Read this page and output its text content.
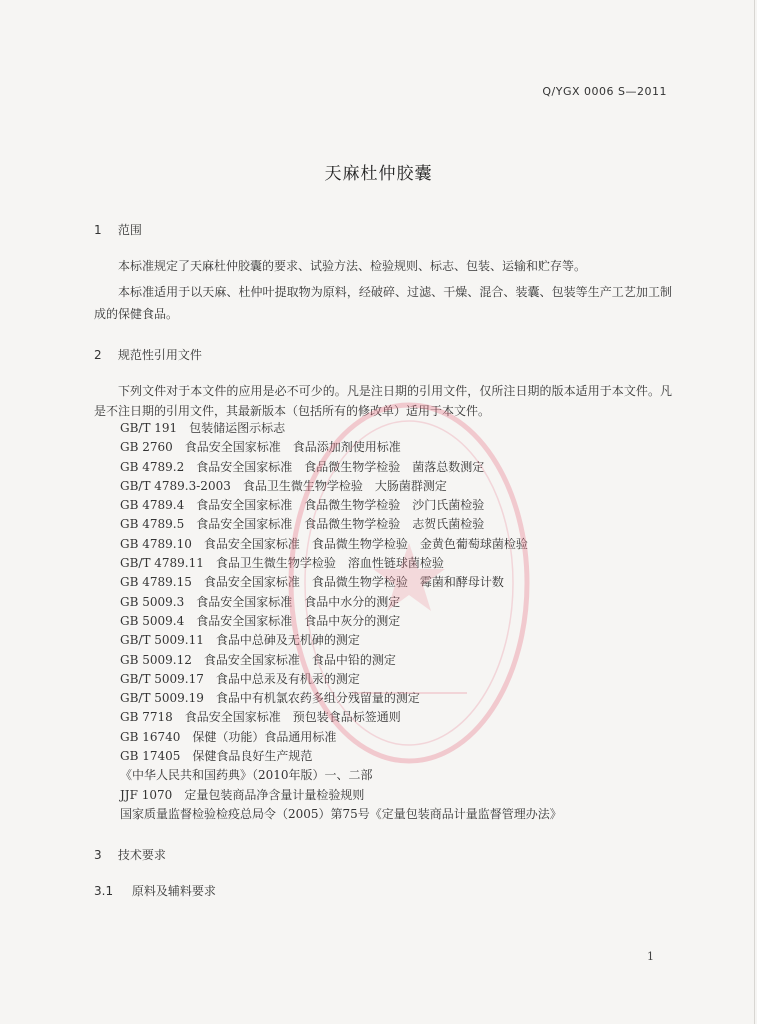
Q/YGX 0006 S—2011
天麻杜仲胶囊
1 范围
本标准规定了天麻杜仲胶囊的要求、试验方法、检验规则、标志、包装、运输和贮存等。
本标准适用于以天麻、杜仲叶提取物为原料，经破碎、过滤、干燥、混合、装囊、包装等生产工艺加工制成的保健食品。
2 规范性引用文件
下列文件对于本文件的应用是必不可少的。凡是注日期的引用文件，仅所注日期的版本适用于本文件。凡是不注日期的引用文件，其最新版本（包括所有的修改单）适用于本文件。
GB/T 191 包装储运图示标志
GB 2760 食品安全国家标准　食品添加剂使用标准
GB 4789.2 食品安全国家标准　食品微生物学检验　菌落总数测定
GB/T 4789.3-2003 食品卫生微生物学检验　大肠菌群测定
GB 4789.4 食品安全国家标准　食品微生物学检验　沙门氏菌检验
GB 4789.5 食品安全国家标准　食品微生物学检验　志贺氏菌检验
GB 4789.10 食品安全国家标准　食品微生物学检验　金黄色葡萄球菌检验
GB/T 4789.11 食品卫生微生物学检验　溶血性链球菌检验
GB 4789.15 食品安全国家标准　食品微生物学检验　霉菌和酵母计数
GB 5009.3 食品安全国家标准　食品中水分的测定
GB 5009.4 食品安全国家标准　食品中灰分的测定
GB/T 5009.11 食品中总砷及无机砷的测定
GB 5009.12 食品安全国家标准　食品中铅的测定
GB/T 5009.17 食品中总汞及有机汞的测定
GB/T 5009.19 食品中有机氯农药多组分残留量的测定
GB 7718 食品安全国家标准　预包装食品标签通则
GB 16740 保健（功能）食品通用标准
GB 17405 保健食品良好生产规范
《中华人民共和国药典》（2010年版）一、二部
JJF 1070 定量包装商品净含量计量检验规则
国家质量监督检验检疫总局令（2005）第75号《定量包装商品计量监督管理办法》
3 技术要求
3.1 原料及辅料要求
1
